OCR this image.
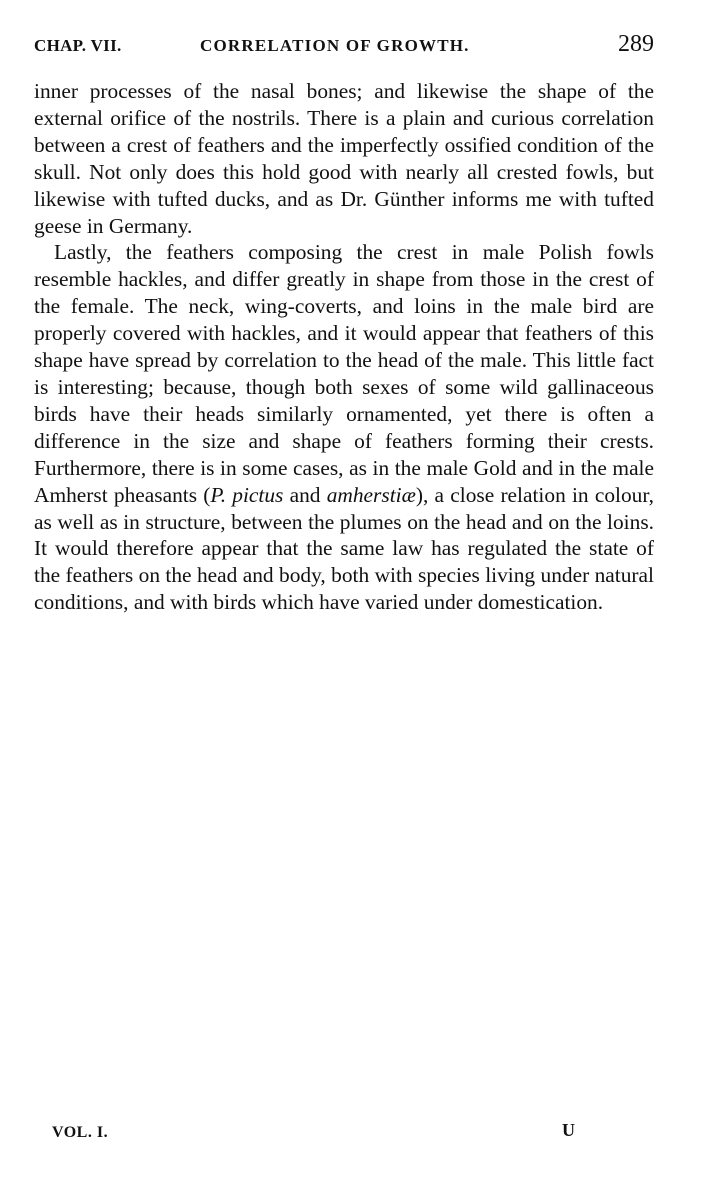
CHAP. VII.	CORRELATION OF GROWTH.	289

inner processes of the nasal bones; and likewise the shape of the external orifice of the nostrils. There is a plain and curious correlation between a crest of feathers and the imperfectly ossified condition of the skull. Not only does this hold good with nearly all crested fowls, but likewise with tufted ducks, and as Dr. Günther informs me with tufted geese in Germany.

Lastly, the feathers composing the crest in male Polish fowls resemble hackles, and differ greatly in shape from those in the crest of the female. The neck, wing-coverts, and loins in the male bird are properly covered with hackles, and it would appear that feathers of this shape have spread by correlation to the head of the male. This little fact is interesting; because, though both sexes of some wild gallinaceous birds have their heads similarly ornamented, yet there is often a difference in the size and shape of feathers forming their crests. Furthermore, there is in some cases, as in the male Gold and in the male Amherst pheasants (P. pictus and amherstiæ), a close relation in colour, as well as in structure, between the plumes on the head and on the loins. It would therefore appear that the same law has regulated the state of the feathers on the head and body, both with species living under natural conditions, and with birds which have varied under domestication.

VOL. I.	U
